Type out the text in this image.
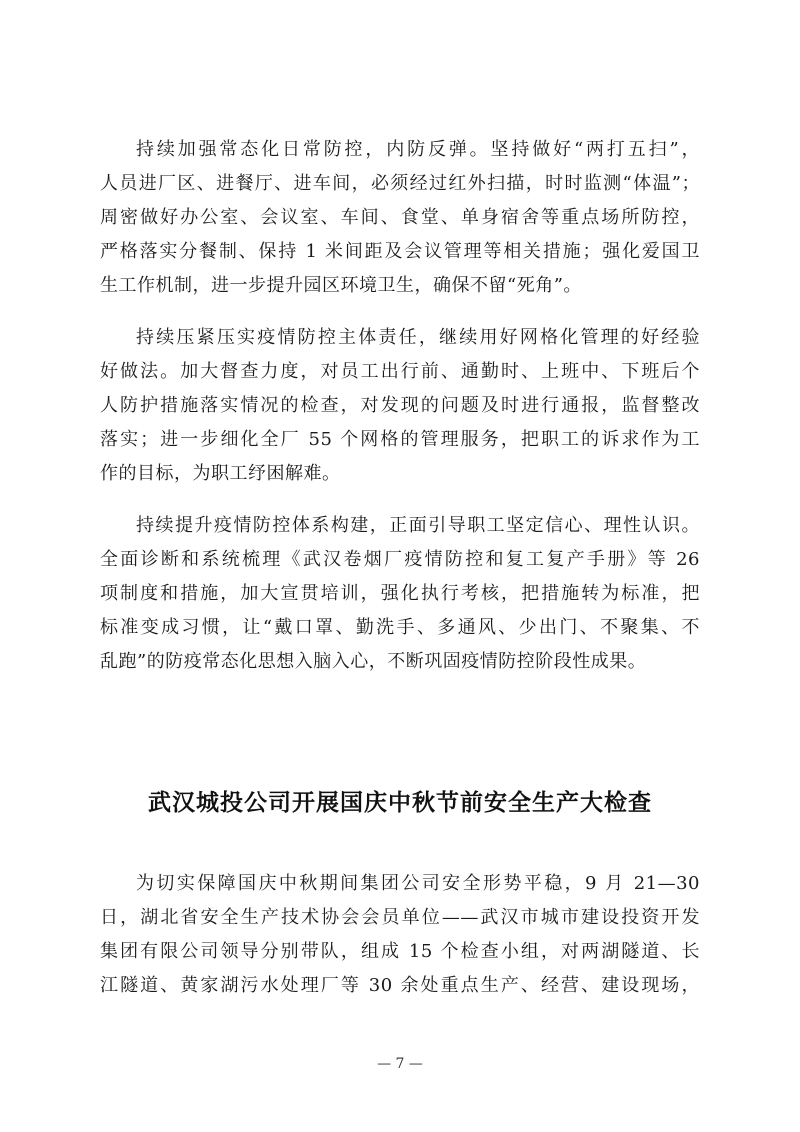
持续加强常态化日常防控，内防反弹。坚持做好“两打五扫”，
人员进厂区、进餐厅、进车间，必须经过红外扫描，时时监测“体温”；
周密做好办公室、会议室、车间、食堂、单身宿舍等重点场所防控，
严格落实分餐制、保持 1 米间距及会议管理等相关措施；强化爱国卫
生工作机制，进一步提升园区环境卫生，确保不留“死角”。
持续压紧压实疫情防控主体责任，继续用好网格化管理的好经验
好做法。加大督查力度，对员工出行前、通勤时、上班中、下班后个
人防护措施落实情况的检查，对发现的问题及时进行通报，监督整改
落实；进一步细化全厂 55 个网格的管理服务，把职工的诉求作为工
作的目标，为职工纾困解难。
持续提升疫情防控体系构建，正面引导职工坚定信心、理性认识。
全面诊断和系统梳理《武汉卷烟厂疫情防控和复工复产手册》等 26
项制度和措施，加大宣贯培训，强化执行考核，把措施转为标准，把
标准变成习惯，让“戴口罩、勤洗手、多通风、少出门、不聚集、不
乱跑”的防疫常态化思想入脑入心，不断巩固疫情防控阶段性成果。
武汉城投公司开展国庆中秋节前安全生产大检查
为切实保障国庆中秋期间集团公司安全形势平稳，9 月 21—30
日，湖北省安全生产技术协会会员单位——武汉市城市建设投资开发
集团有限公司领导分别带队，组成 15 个检查小组，对两湖隧道、长
江隧道、黄家湖污水处理厂等 30 余处重点生产、经营、建设现场，
— 7 —
